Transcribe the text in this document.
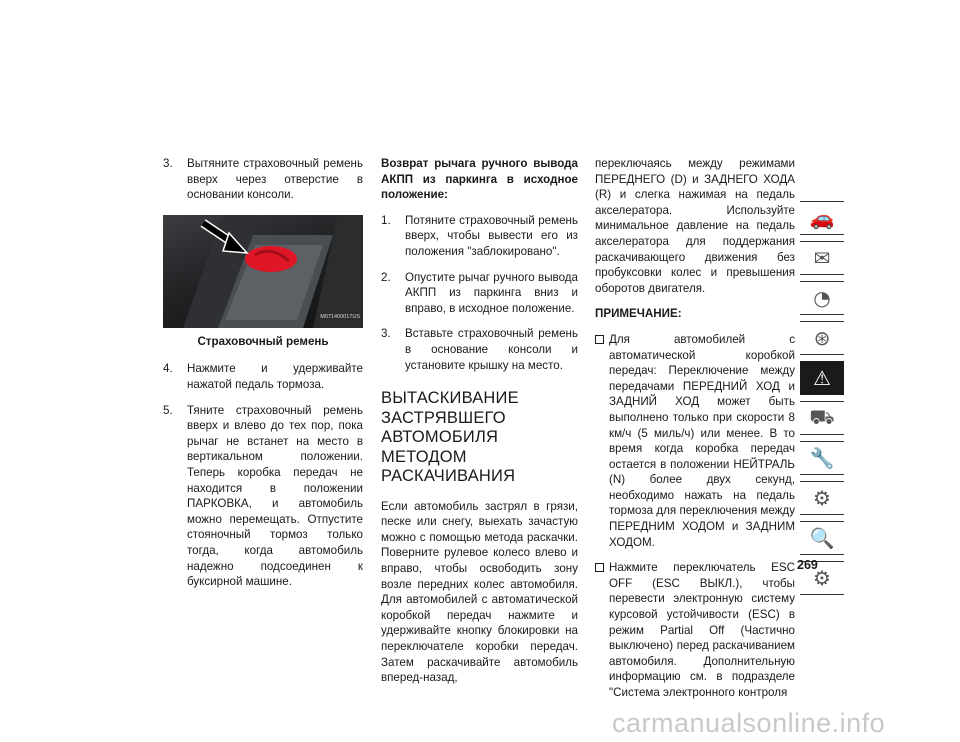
3. Вытяните страховочный ремень вверх через отверстие в основании консоли.
M071400017US
Страховочный ремень
4. Нажмите и удерживайте нажатой педаль тормоза.
5. Тяните страховочный ремень вверх и влево до тех пор, пока рычаг не встанет на место в вертикальном положении. Теперь коробка передач не находится в положении ПАРКОВКА, и автомобиль можно перемещать. Отпустите стояночный тормоз только тогда, когда автомобиль надежно подсоединен к буксирной машине.

Возврат рычага ручного вывода АКПП из паркинга в исходное положение:

1. Потяните страховочный ремень вверх, чтобы вывести его из положения "заблокировано".
2. Опустите рычаг ручного вывода АКПП из паркинга вниз и вправо, в исходное положение.
3. Вставьте страховочный ремень в основание консоли и установите крышку на место.
ВЫТАСКИВАНИЕ ЗАСТРЯВШЕГО АВТОМОБИЛЯ МЕТОДОМ РАСКАЧИВАНИЯ

Если автомобиль застрял в грязи, песке или снегу, выехать зачастую можно с помощью метода раскачки. Поверните рулевое колесо влево и вправо, чтобы освободить зону возле передних колес автомобиля. Для автомобилей с автоматической коробкой передач нажмите и удерживайте кнопку блокировки на переключателе коробки передач. Затем раскачивайте автомобиль вперед-назад,

переключаясь между режимами ПЕРЕДНЕГО (D) и ЗАДНЕГО ХОДА (R) и слегка нажимая на педаль акселератора. Используйте минимальное давление на педаль акселератора для поддержания раскачивающего движения без пробуксовки колес и превышения оборотов двигателя.

ПРИМЕЧАНИЕ:

Для автомобилей с автоматической коробкой передач: Переключение между передачами ПЕРЕДНИЙ ХОД и ЗАДНИЙ ХОД может быть выполнено только при скорости 8 км/ч (5 миль/ч) или менее. В то время когда коробка передач остается в положении НЕЙТРАЛЬ (N) более двух секунд, необходимо нажать на педаль тормоза для переключения между ПЕРЕДНИМ ХОДОМ и ЗАДНИМ ХОДОМ.
Нажмите переключатель ESC OFF (ESC ВЫКЛ.), чтобы перевести электронную систему курсовой устойчивости (ESC) в режим Partial Off (Частично выключено) перед раскачиванием автомобиля. Дополнительную информацию см. в подразделе "Система электронного контроля
🚗
✉
◔
⊛
⚠
⛟
🔧
⚙
🔍
⚙
269
carmanualsonline.info
